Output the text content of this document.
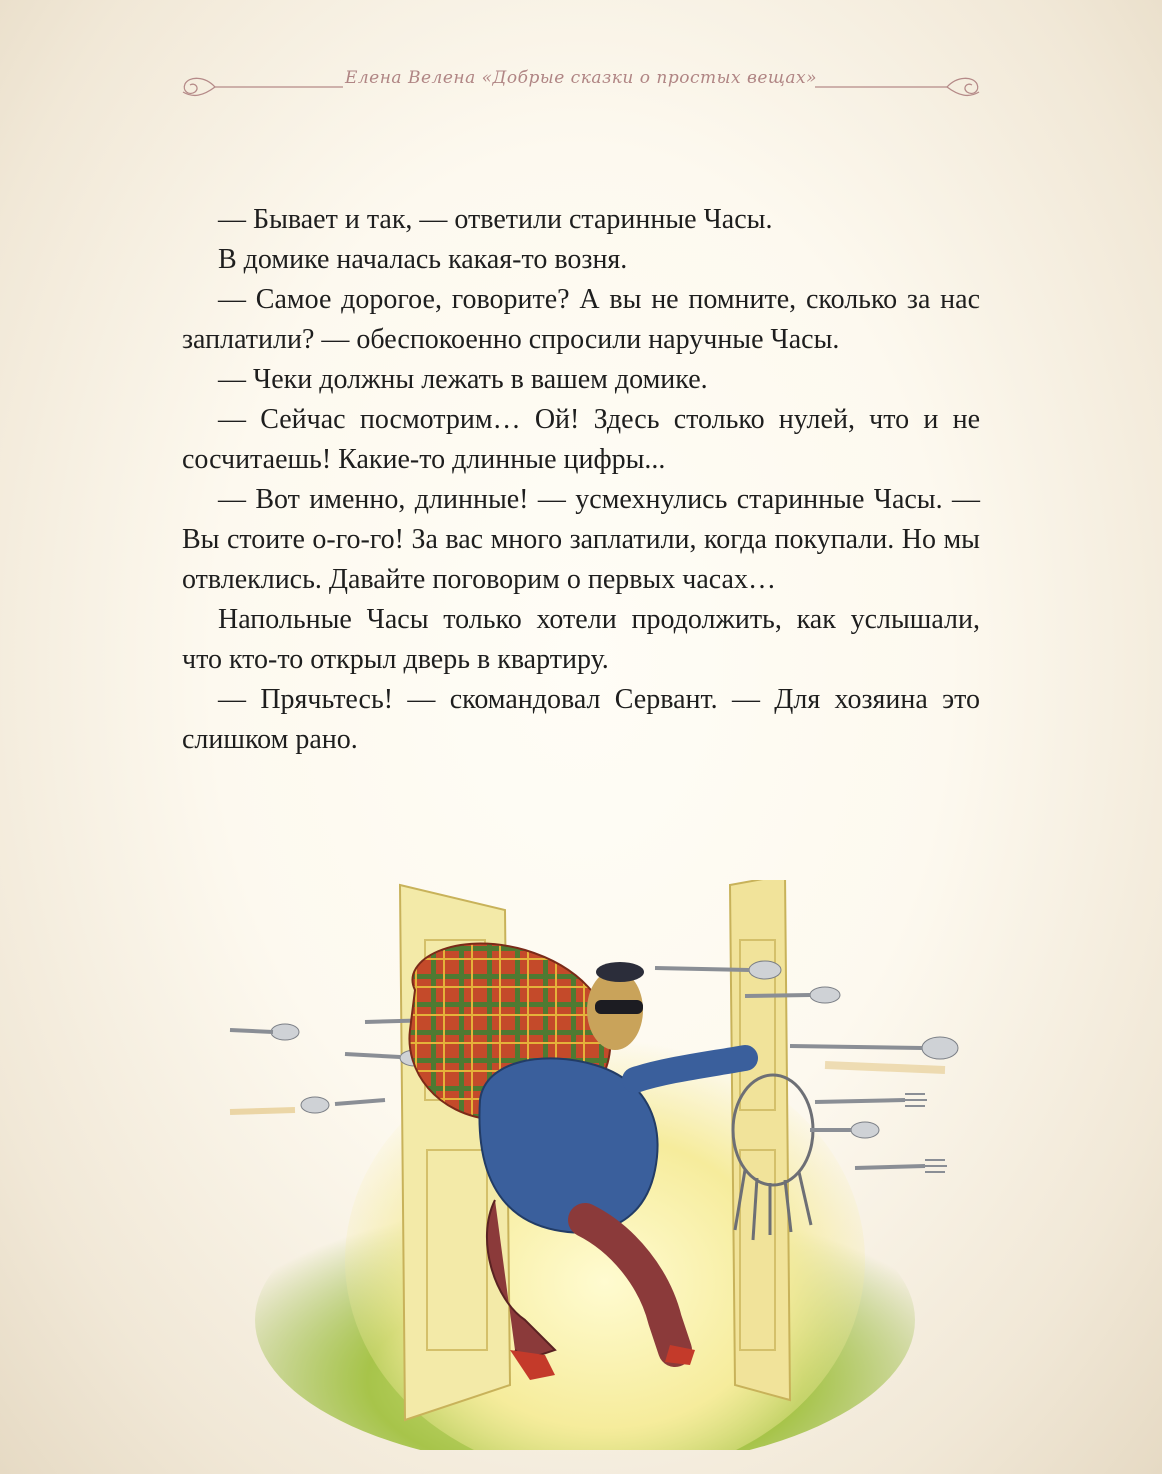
Елена Велена «Добрые сказки о простых вещах»

— Бывает и так, — ответили старинные Часы.

В домике началась какая-то возня.

— Самое дорогое, говорите? А вы не помните, сколько за нас заплатили? — обеспокоенно спросили наручные Часы.

— Чеки должны лежать в вашем домике.

— Сейчас посмотрим… Ой! Здесь столько нулей, что и не сосчитаешь! Какие-то длинные цифры...

— Вот именно, длинные! — усмехнулись старинные Часы. — Вы стоите о-го-го! За вас много заплатили, когда покупали. Но мы отвлеклись. Давайте поговорим о первых часах…

Напольные Часы только хотели продолжить, как услышали, что кто-то открыл дверь в квартиру.

— Прячьтесь! — скомандовал Сервант. — Для хозяина это слишком рано.
